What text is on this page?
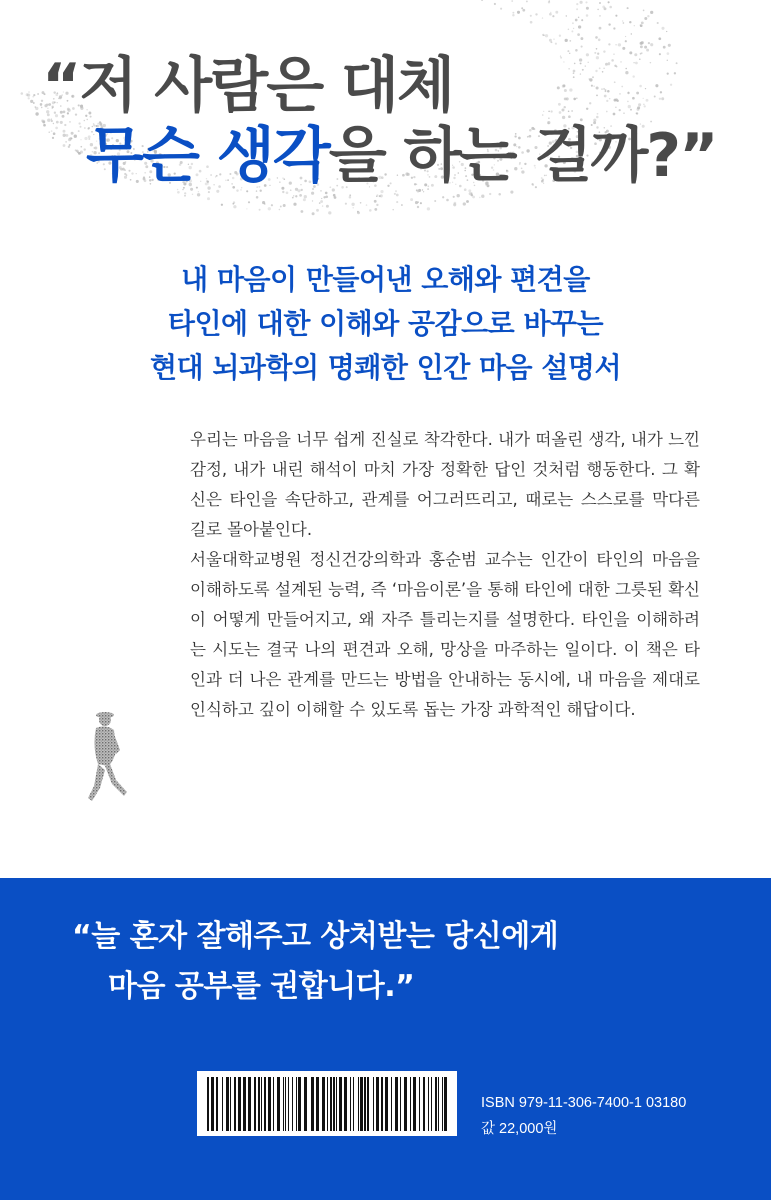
“저 사람은 대체
무슨 생각을 하는 걸까?”
내 마음이 만들어낸 오해와 편견을
타인에 대한 이해와 공감으로 바꾸는
현대 뇌과학의 명쾌한 인간 마음 설명서

우리는 마음을 너무 쉽게 진실로 착각한다. 내가 떠올린 생각, 내가 느낀 감정, 내가 내린 해석이 마치 가장 정확한 답인 것처럼 행동한다. 그 확신은 타인을 속단하고, 관계를 어그러뜨리고, 때로는 스스로를 막다른 길로 몰아붙인다.

서울대학교병원 정신건강의학과 홍순범 교수는 인간이 타인의 마음을 이해하도록 설계된 능력, 즉 ‘마음이론’을 통해 타인에 대한 그릇된 확신이 어떻게 만들어지고, 왜 자주 틀리는지를 설명한다. 타인을 이해하려는 시도는 결국 나의 편견과 오해, 망상을 마주하는 일이다. 이 책은 타인과 더 나은 관계를 만드는 방법을 안내하는 동시에, 내 마음을 제대로 인식하고 깊이 이해할 수 있도록 돕는 가장 과학적인 해답이다.

“늘 혼자 잘해주고 상처받는 당신에게
마음 공부를 권합니다.”
ISBN 979-11-306-7400-1 03180
값 22,000원
